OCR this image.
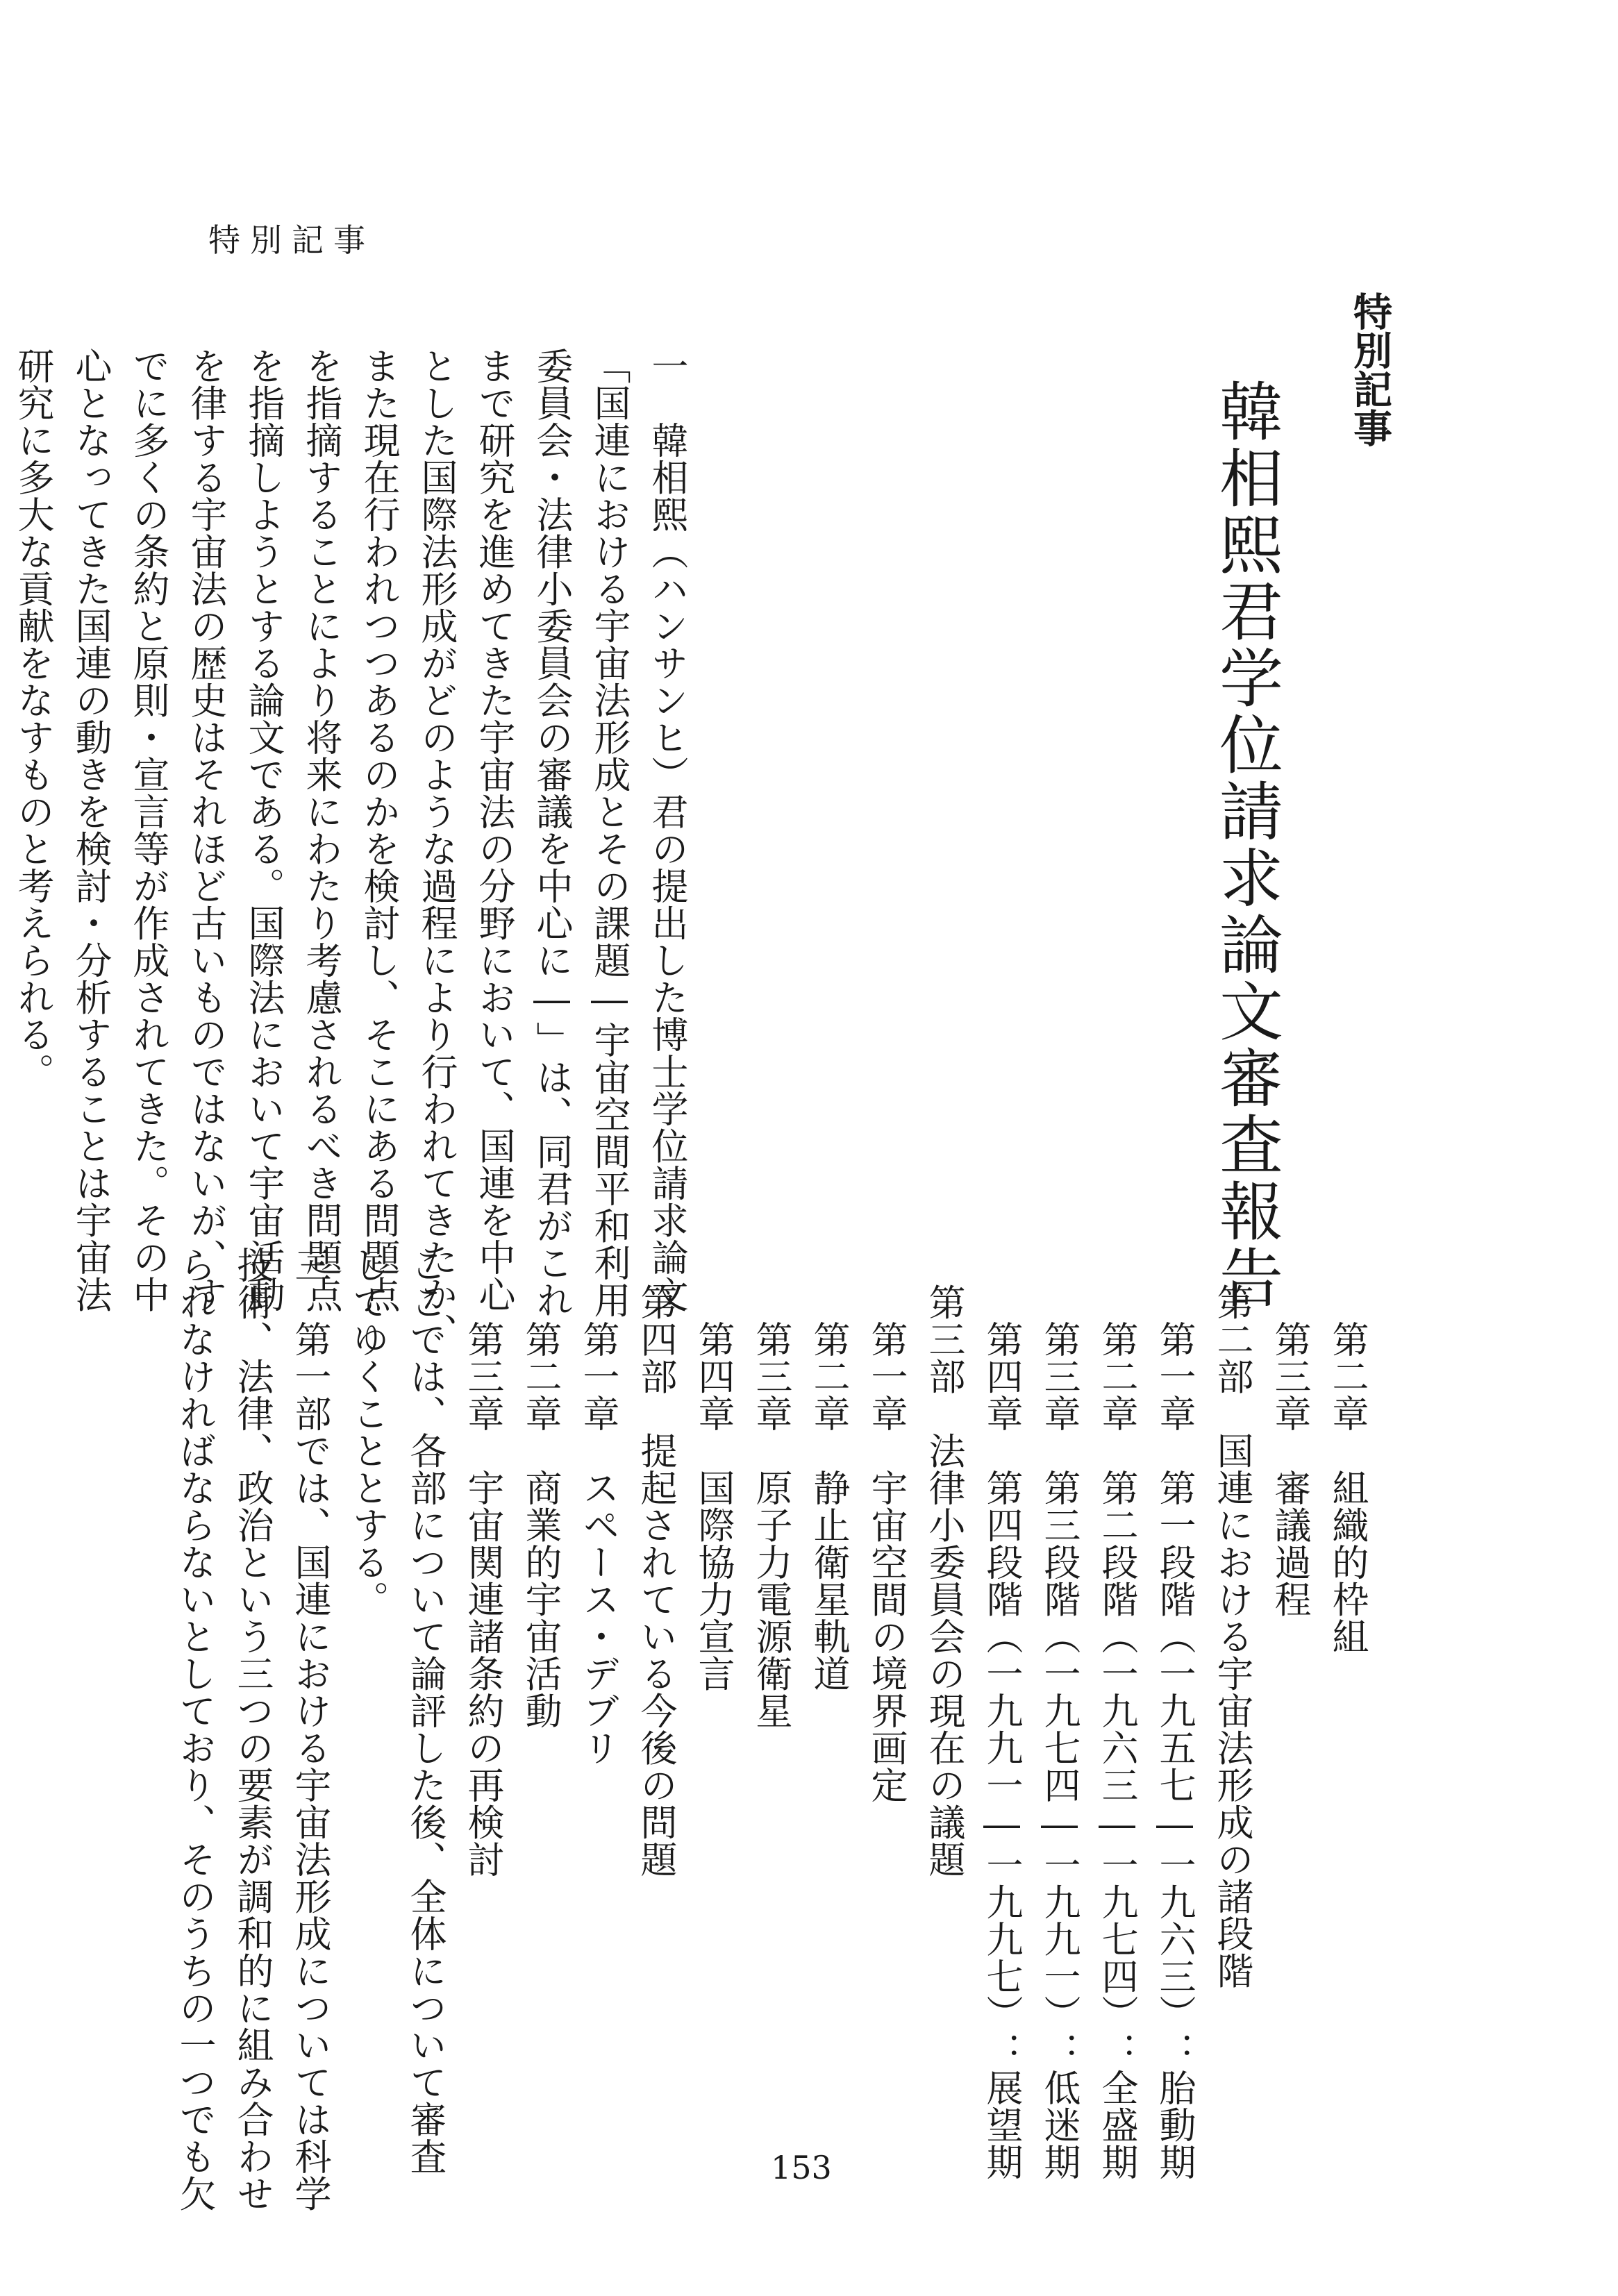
特別記事
特別記事
韓相熙君学位請求論文審査報告
一　韓相熙（ハンサンヒ）君の提出した博士学位請求論文
「国連における宇宙法形成とその課題―宇宙空間平和利用
委員会・法律小委員会の審議を中心に―」は、同君がこれ
まで研究を進めてきた宇宙法の分野において、国連を中心
とした国際法形成がどのような過程により行われてきたか、
また現在行われつつあるのかを検討し、そこにある問題点
を指摘することにより将来にわたり考慮されるべき問題点
を指摘しようとする論文である。国際法において宇宙活動
を律する宇宙法の歴史はそれほど古いものではないが、す
でに多くの条約と原則・宣言等が作成されてきた。その中
心となってきた国連の動きを検討・分析することは宇宙法
研究に多大な貢献をなすものと考えられる。
　　第二章　組織的枠組
　　第三章　審議過程
　第二部　国連における宇宙法形成の諸段階
　　第一章　第一段階（一九五七―一九六三）：胎動期
　　第二章　第二段階（一九六三―一九七四）：全盛期
　　第三章　第三段階（一九七四―一九九一）：低迷期
　　第四章　第四段階（一九九一―一九九七）：展望期
　第三部　法律小委員会の現在の議題
　　第一章　宇宙空間の境界画定
　　第二章　静止衛星軌道
　　第三章　原子力電源衛星
　　第四章　国際協力宣言
　第四部　提起されている今後の問題
　　第一章　スペース・デブリ
　　第二章　商業的宇宙活動
　　第三章　宇宙関連諸条約の再検討
ここでは、各部について論評した後、全体について審査
してゆくこととする。
三　第一部では、国連における宇宙法形成については科学
技術、法律、政治という三つの要素が調和的に組み合わせ
られなければならないとしており、そのうちの一つでも欠	153
